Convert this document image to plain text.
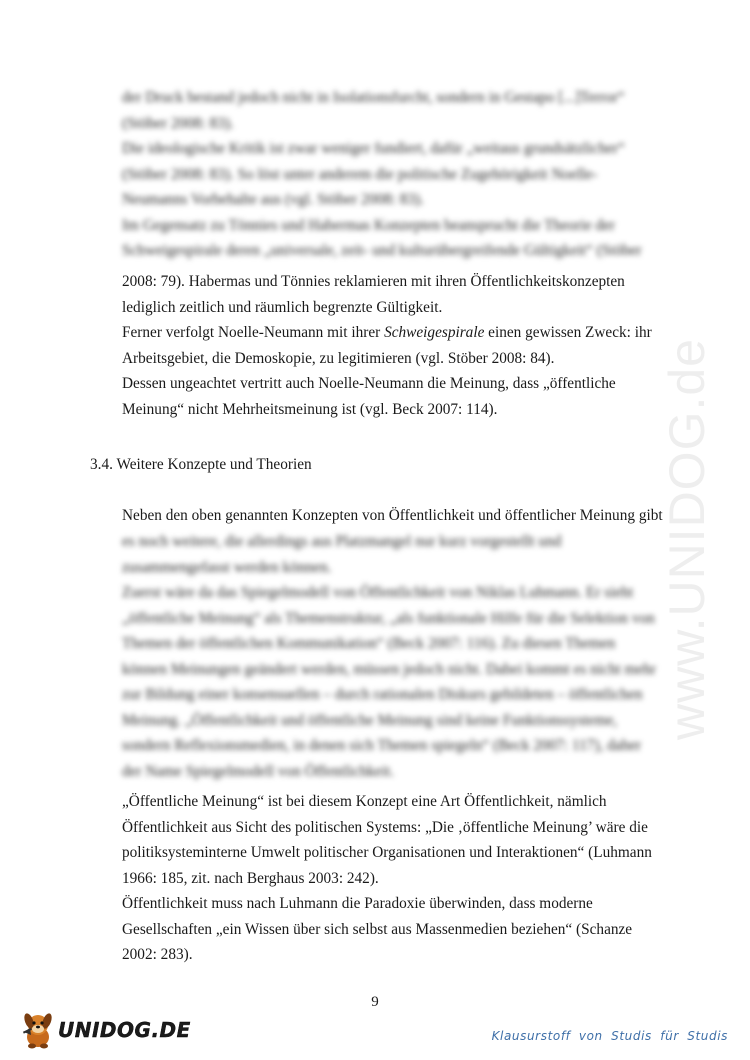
www.UNIDOG.de

der Druck bestand jedoch nicht in Isolationsfurcht, sondern in Gestapo [...]Terror“ (Stöber 2008: 83).

Die ideologische Kritik ist zwar weniger fundiert, dafür „weitaus grundsätzlicher“ (Stöber 2008: 83). So löst unter anderem die politische Zugehörigkeit Noelle-Neumanns Vorbehalte aus (vgl. Stöber 2008: 83).

Im Gegensatz zu Tönnies und Habermas Konzepten beansprucht die Theorie der Schweigespirale deren „universale, zeit- und kulturübergreifende Gültigkeit“ (Stöber

2008: 79). Habermas und Tönnies reklamieren mit ihren Öffentlichkeitskonzepten lediglich zeitlich und räumlich begrenzte Gültigkeit.

Ferner verfolgt Noelle-Neumann mit ihrer Schweigespirale einen gewissen Zweck: ihr Arbeitsgebiet, die Demoskopie, zu legitimieren (vgl. Stöber 2008: 84).

Dessen ungeachtet vertritt auch Noelle-Neumann die Meinung, dass „öffentliche Meinung“ nicht Mehrheitsmeinung ist (vgl. Beck 2007: 114).

3.4. Weitere Konzepte und Theorien

Neben den oben genannten Konzepten von Öffentlichkeit und öffentlicher Meinung gibt

es noch weitere, die allerdings aus Platzmangel nur kurz vorgestellt und zusammengefasst werden können.

Zuerst wäre da das Spiegelmodell von Öffentlichkeit von Niklas Luhmann. Er sieht „öffentliche Meinung“ als Themenstruktur, „als funktionale Hilfe für die Selektion von Themen der öffentlichen Kommunikation“ (Beck 2007: 116). Zu diesen Themen können Meinungen geändert werden, müssen jedoch nicht. Dabei kommt es nicht mehr zur Bildung einer konsensuellen – durch rationalen Diskurs gebildeten – öffentlichen Meinung. „Öffentlichkeit und öffentliche Meinung sind keine Funktionssysteme, sondern Reflexionsmedien, in denen sich Themen spiegeln“ (Beck 2007: 117), daher der Name Spiegelmodell von Öffentlichkeit.

„Öffentliche Meinung“ ist bei diesem Konzept eine Art Öffentlichkeit, nämlich Öffentlichkeit aus Sicht des politischen Systems: „Die ‚öffentliche Meinung’ wäre die politiksysteminterne Umwelt politischer Organisationen und Interaktionen“ (Luhmann 1966: 185, zit. nach Berghaus 2003: 242).

Öffentlichkeit muss nach Luhmann die Paradoxie überwinden, dass moderne Gesellschaften „ein Wissen über sich selbst aus Massenmedien beziehen“ (Schanze 2002: 283).

9
UNIDOG.DE	Klausurstoff von Studis für Studis
